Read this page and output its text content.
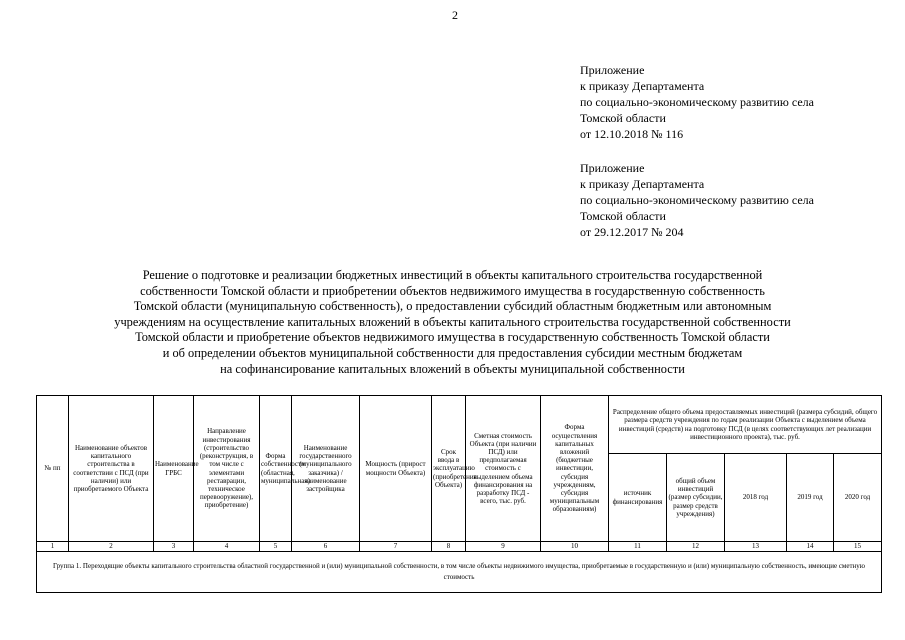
2
Приложение
к приказу Департамента
по социально-экономическому развитию села
Томской области
от 12.10.2018 № 116
Приложение
к приказу Департамента
по социально-экономическому развитию села
Томской области
от 29.12.2017 № 204
Решение о подготовке и реализации бюджетных инвестиций в объекты капитального строительства государственной
собственности Томской области и приобретении объектов недвижимого имущества в государственную собственность
Томской области (муниципальную собственность), о предоставлении субсидий областным бюджетным или автономным
учреждениям на осуществление капитальных вложений в объекты капитального строительства государственной собственности
Томской области и приобретение объектов недвижимого имущества в государственную собственность Томской области
и об определении объектов муниципальной собственности для предоставления субсидии местным бюджетам
на софинансирование капитальных вложений в объекты муниципальной собственности
№ пп	Наименование объектов капитального строительства в соответствии с ПСД (при наличии) или приобретаемого Объекта	Наименование ГРБС	Направление инвестирования (строительство (реконструкция, в том числе с элементами реставрации, техническое перевооружение), приобретение)	Форма собственности (областная, муниципальная)	Наименование государственного (муниципального заказчика) / наименование застройщика	Мощность (прирост мощности Объекта)	Срок ввода в эксплуатацию (приобретения Объекта)	Сметная стоимость Объекта (при наличии ПСД) или предполагаемая стоимость с выделением объема финансирования на разработку ПСД - всего, тыс. руб.	Форма осуществления капитальных вложений (бюджетные инвестиции, субсидия учреждениям, субсидия муниципальным образованиям)	Распределение общего объема предоставляемых инвестиций (размера субсидий, общего размера средств учреждения по годам реализации Объекта с выделением объема инвестиций (средств) на подготовку ПСД (в целях соответствующих лет реализации инвестиционного проекта), тыс. руб.				
										источник финансирования	общий объем инвестиций (размер субсидии, размер средств учреждения)	2018 год	2019 год	2020 год
1	2	3	4	5	6	7	8	9	10	11	12	13	14	15
Группа 1. Переходящие объекты капитального строительства областной государственной и (или) муниципальной собственности, в том числе объекты недвижимого имущества, приобретаемые в государственную и (или) муниципальную собственность, имеющие сметную стоимость														
